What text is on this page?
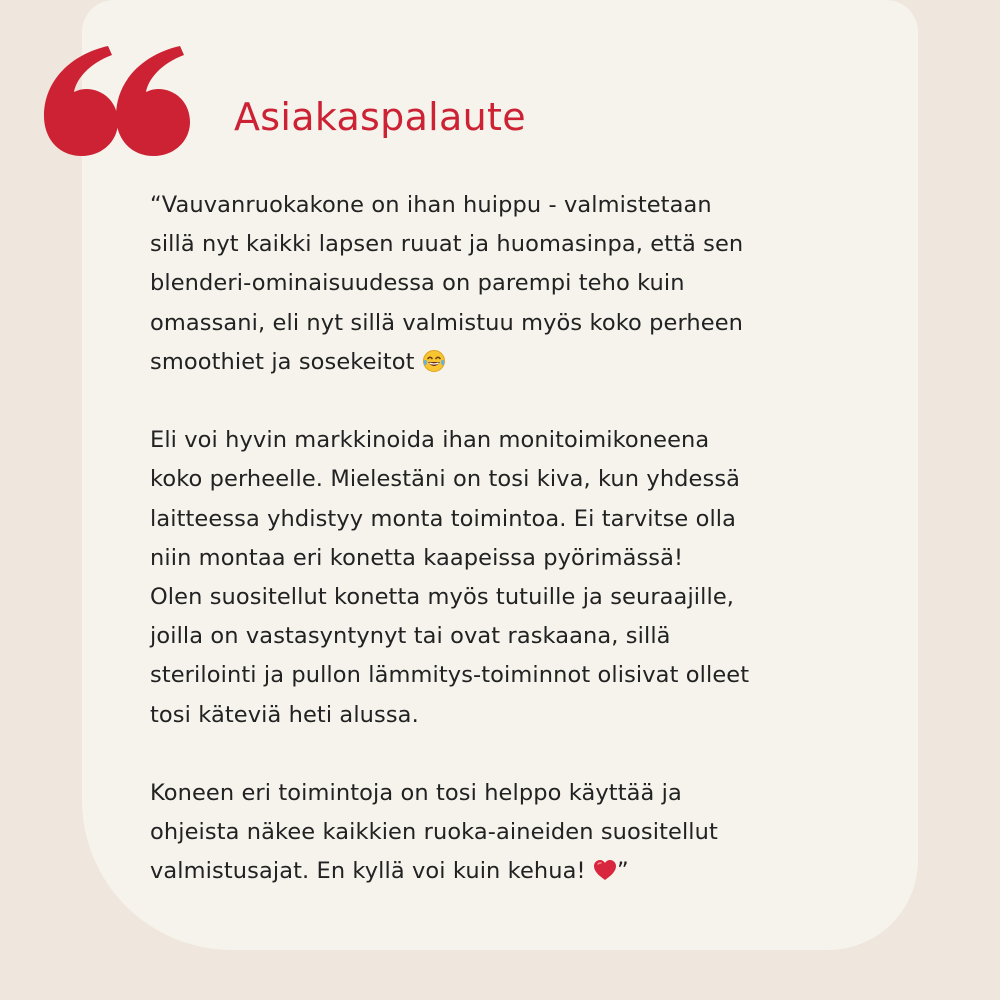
Asiakaspalaute

“Vauvanruokakone on ihan huippu - valmistetaan
sillä nyt kaikki lapsen ruuat ja huomasinpa, että sen
blenderi-ominaisuudessa on parempi teho kuin
omassani, eli nyt sillä valmistuu myös koko perheen
smoothiet ja sosekeitot

Eli voi hyvin markkinoida ihan monitoimikoneena
koko perheelle. Mielestäni on tosi kiva, kun yhdessä
laitteessa yhdistyy monta toimintoa. Ei tarvitse olla
niin montaa eri konetta kaapeissa pyörimässä!
Olen suositellut konetta myös tutuille ja seuraajille,
joilla on vastasyntynyt tai ovat raskaana, sillä
sterilointi ja pullon lämmitys-toiminnot olisivat olleet
tosi käteviä heti alussa.

Koneen eri toimintoja on tosi helppo käyttää ja
ohjeista näkee kaikkien ruoka-aineiden suositellut
valmistusajat. En kyllä voi kuin kehua! ”
